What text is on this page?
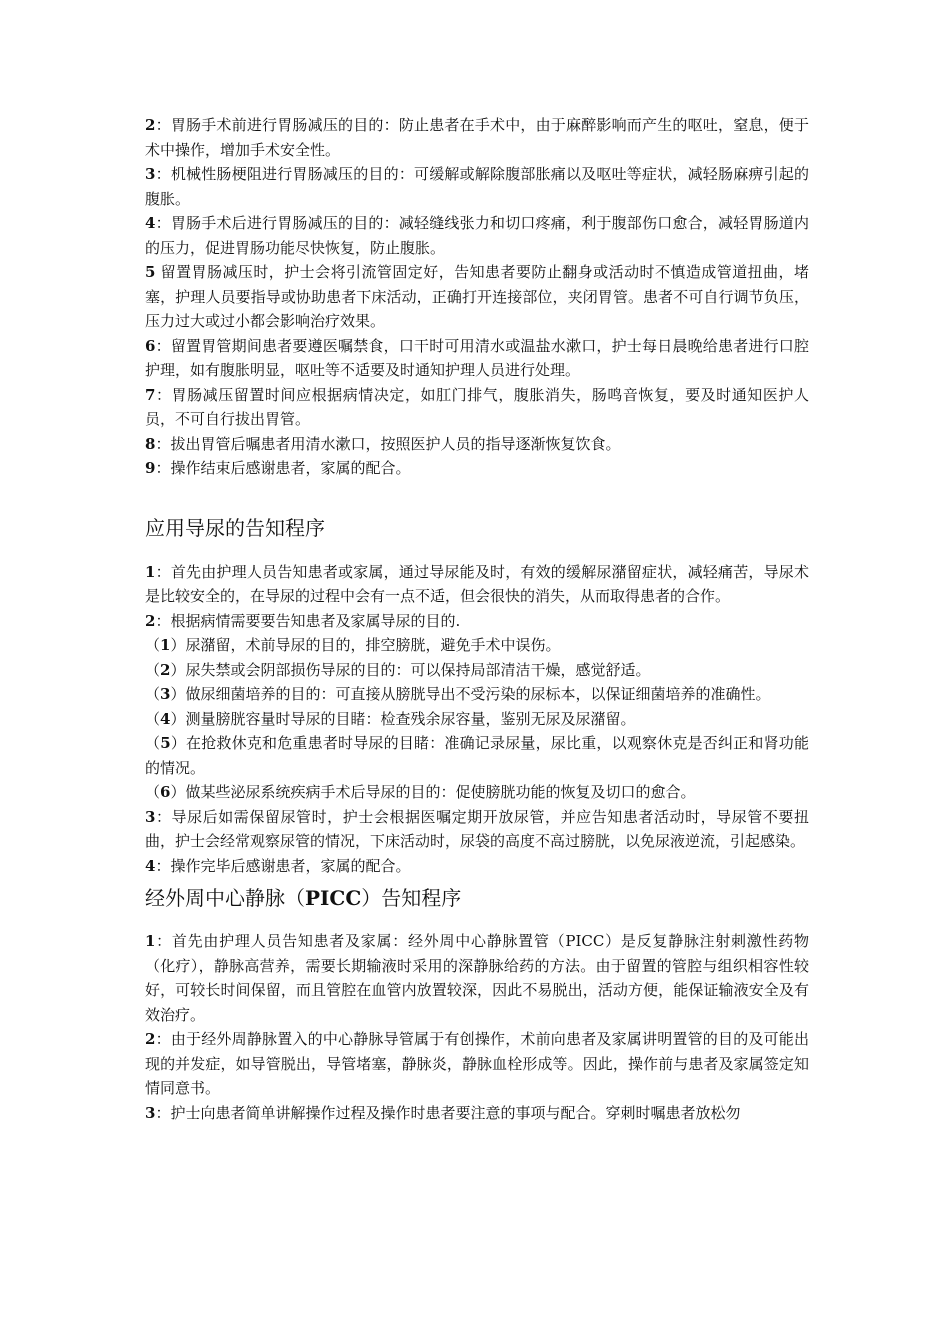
2：胃肠手术前进行胃肠减压的目的：防止患者在手术中，由于麻醉影响而产生的呕吐，窒息，便于术中操作，增加手术安全性。

3：机械性肠梗阻进行胃肠减压的目的：可缓解或解除腹部胀痛以及呕吐等症状，减轻肠麻痹引起的腹胀。

4：胃肠手术后进行胃肠减压的目的：减轻缝线张力和切口疼痛，利于腹部伤口愈合，减轻胃肠道内的压力，促进胃肠功能尽快恢复，防止腹胀。

5 留置胃肠减压时，护士会将引流管固定好，告知患者要防止翻身或活动时不慎造成管道扭曲，堵塞，护理人员要指导或协助患者下床活动，正确打开连接部位，夹闭胃管。患者不可自行调节负压，压力过大或过小都会影响治疗效果。

6：留置胃管期间患者要遵医嘱禁食，口干时可用清水或温盐水漱口，护士每日晨晚给患者进行口腔护理，如有腹胀明显，呕吐等不适要及时通知护理人员进行处理。

7：胃肠减压留置时间应根据病情决定，如肛门排气，腹胀消失，肠鸣音恢复，要及时通知医护人员，不可自行拔出胃管。

8：拔出胃管后嘱患者用清水漱口，按照医护人员的指导逐渐恢复饮食。

9：操作结束后感谢患者，家属的配合。

应用导尿的告知程序

1：首先由护理人员告知患者或家属，通过导尿能及时，有效的缓解尿潴留症状，减轻痛苦，导尿术是比较安全的，在导尿的过程中会有一点不适，但会很快的消失，从而取得患者的合作。

2：根据病情需要要告知患者及家属导尿的目的.

（1）尿潴留，术前导尿的目的，排空膀胱，避免手术中误伤。

（2）尿失禁或会阴部损伤导尿的目的：可以保持局部清洁干燥，感觉舒适。

（3）做尿细菌培养的目的：可直接从膀胱导出不受污染的尿标本，以保证细菌培养的准确性。

（4）测量膀胱容量时导尿的目睹：检查残余尿容量，鉴别无尿及尿潴留。

（5）在抢救休克和危重患者时导尿的目睹：准确记录尿量，尿比重，以观察休克是否纠正和肾功能的情况。

（6）做某些泌尿系统疾病手术后导尿的目的：促使膀胱功能的恢复及切口的愈合。

3：导尿后如需保留尿管时，护士会根据医嘱定期开放尿管，并应告知患者活动时，导尿管不要扭曲，护士会经常观察尿管的情况，下床活动时，尿袋的高度不高过膀胱，以免尿液逆流，引起感染。

4：操作完毕后感谢患者，家属的配合。

经外周中心静脉（PICC）告知程序

1：首先由护理人员告知患者及家属：经外周中心静脉置管（PICC）是反复静脉注射刺激性药物（化疗），静脉高营养，需要长期输液时采用的深静脉给药的方法。由于留置的管腔与组织相容性较好，可较长时间保留，而且管腔在血管内放置较深，因此不易脱出，活动方便，能保证输液安全及有效治疗。

2：由于经外周静脉置入的中心静脉导管属于有创操作，术前向患者及家属讲明置管的目的及可能出现的并发症，如导管脱出，导管堵塞，静脉炎，静脉血栓形成等。因此，操作前与患者及家属签定知情同意书。

3：护士向患者简单讲解操作过程及操作时患者要注意的事项与配合。穿刺时嘱患者放松勿
